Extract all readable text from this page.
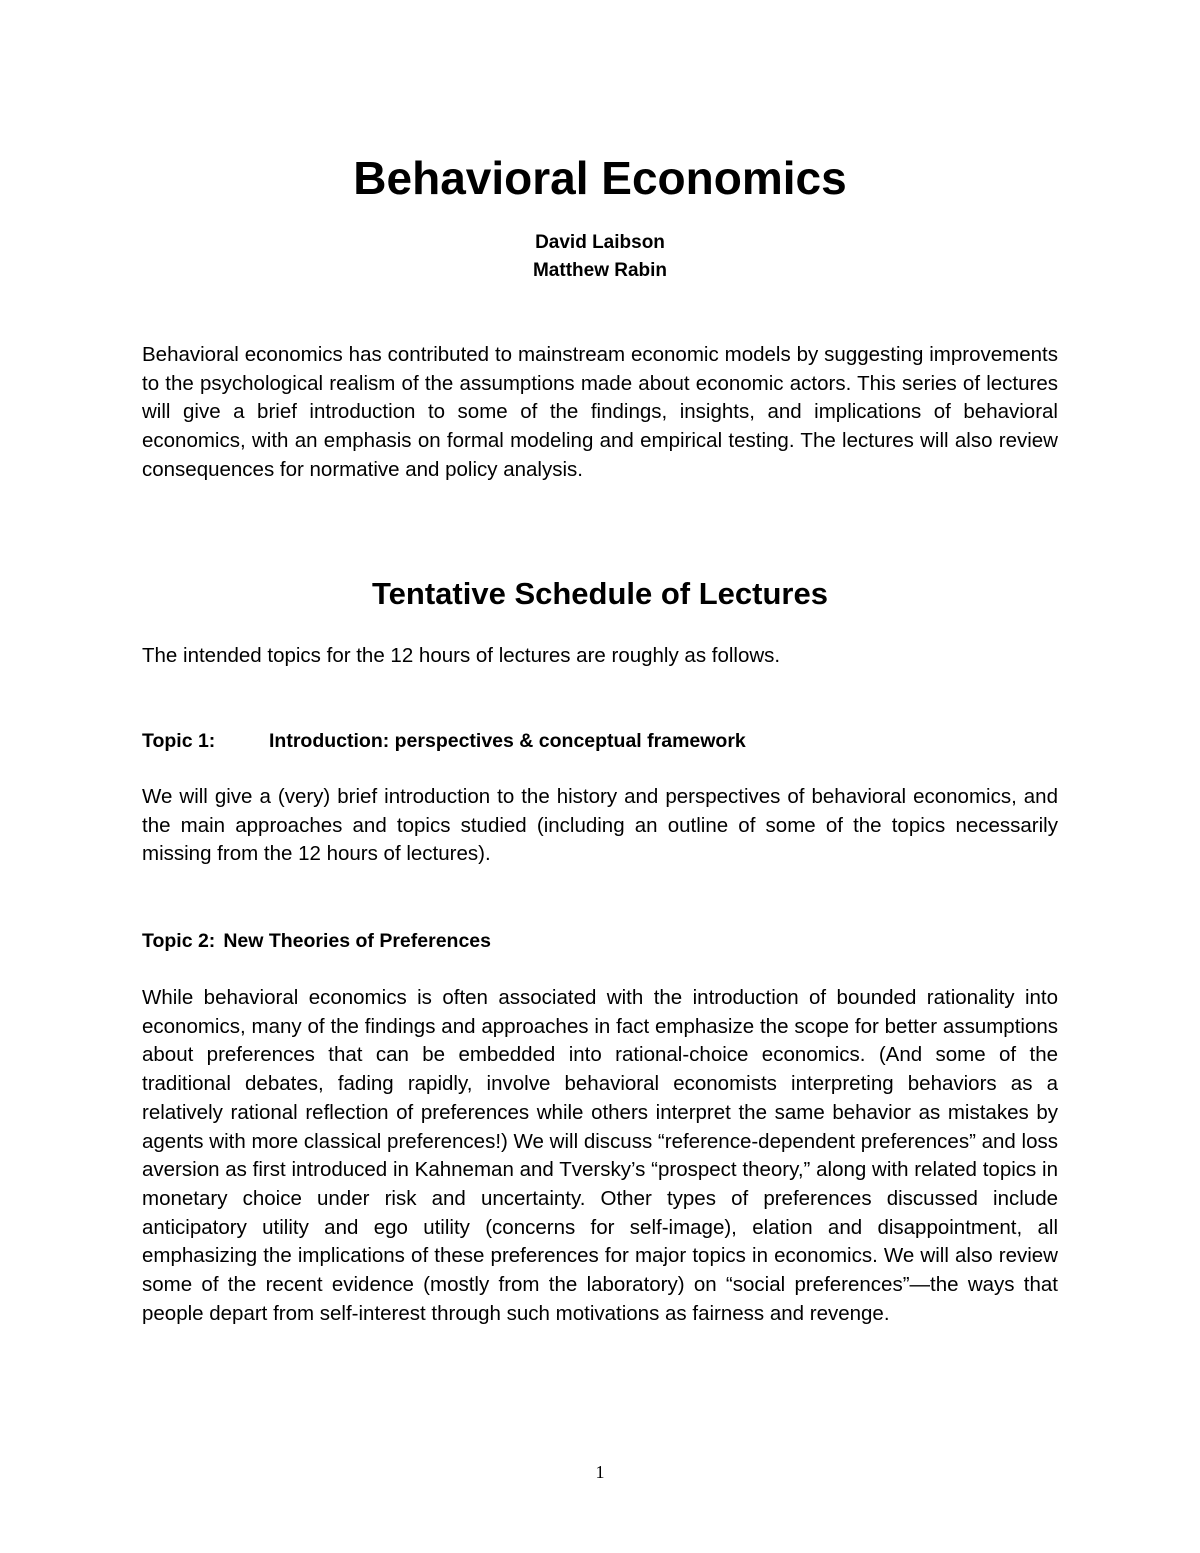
Behavioral Economics
David Laibson
Matthew Rabin

Behavioral economics has contributed to mainstream economic models by suggesting improvements to the psychological realism of the assumptions made about economic actors. This series of lectures will give a brief introduction to some of the findings, insights, and implications of behavioral economics, with an emphasis on formal modeling and empirical testing. The lectures will also review consequences for normative and policy analysis.

Tentative Schedule of Lectures

The intended topics for the 12 hours of lectures are roughly as follows.

Topic 1:	Introduction: perspectives & conceptual framework

We will give a (very) brief introduction to the history and perspectives of behavioral economics, and the main approaches and topics studied (including an outline of some of the topics necessarily missing from the 12 hours of lectures).

Topic 2: New Theories of Preferences

While behavioral economics is often associated with the introduction of bounded rationality into economics, many of the findings and approaches in fact emphasize the scope for better assumptions about preferences that can be embedded into rational-choice economics. (And some of the traditional debates, fading rapidly, involve behavioral economists interpreting behaviors as a relatively rational reflection of preferences while others interpret the same behavior as mistakes by agents with more classical preferences!) We will discuss “reference-dependent preferences” and loss aversion as first introduced in Kahneman and Tversky’s “prospect theory,” along with related topics in monetary choice under risk and uncertainty. Other types of preferences discussed include anticipatory utility and ego utility (concerns for self-image), elation and disappointment, all emphasizing the implications of these preferences for major topics in economics. We will also review some of the recent evidence (mostly from the laboratory) on “social preferences”—the ways that people depart from self-interest through such motivations as fairness and revenge.

1
